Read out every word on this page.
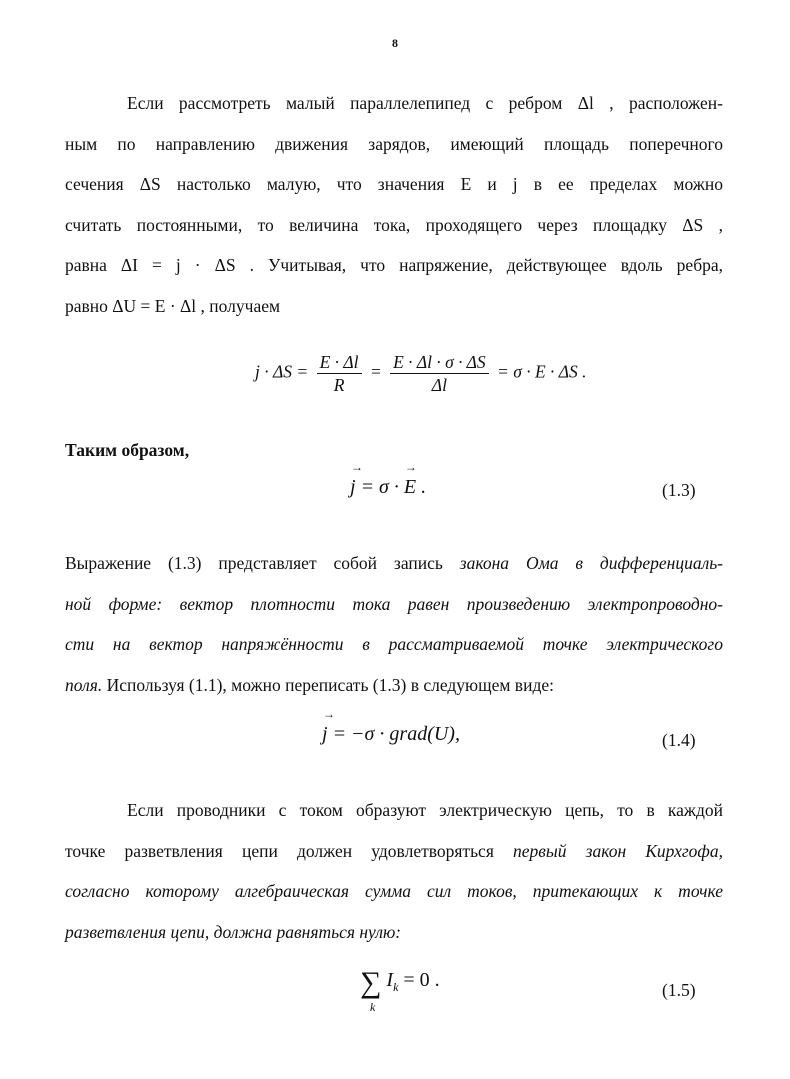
8
Если рассмотреть малый параллелепипед с ребром Δl , расположен-
ным по направлению движения зарядов, имеющий площадь поперечного
сечения ΔS настолько малую, что значения E и j в ее пределах можно
считать постоянными, то величина тока, проходящего через площадку ΔS ,
равна ΔI = j · ΔS . Учитывая, что напряжение, действующее вдоль ребра,
равно ΔU = E · Δl , получаем
$j \cdot \Delta S = \frac{E \cdot \Delta l}{R} = \frac{E \cdot \Delta l \cdot \sigma \cdot \Delta S}{\Delta l} = \sigma \cdot E \cdot \Delta S$ .
Таким образом,
→ j = σ · → E .	(1.3)
Выражение (1.3) представляет собой запись закона Ома в дифференциаль-
ной форме: вектор плотности тока равен произведению электропроводно-
сти на вектор напряжённости в рассматриваемой точке электрического
поля. Используя (1.1), можно переписать (1.3) в следующем виде:
→ j = −σ · grad(U),	(1.4)
Если проводники с током образуют электрическую цепь, то в каждой
точке разветвления цепи должен удовлетворяться первый закон Кирхгофа,
согласно которому алгебраическая сумма сил токов, притекающих к точке
разветвления цепи, должна равняться нулю:
∑
k
$I_k = 0$ .	(1.5)
